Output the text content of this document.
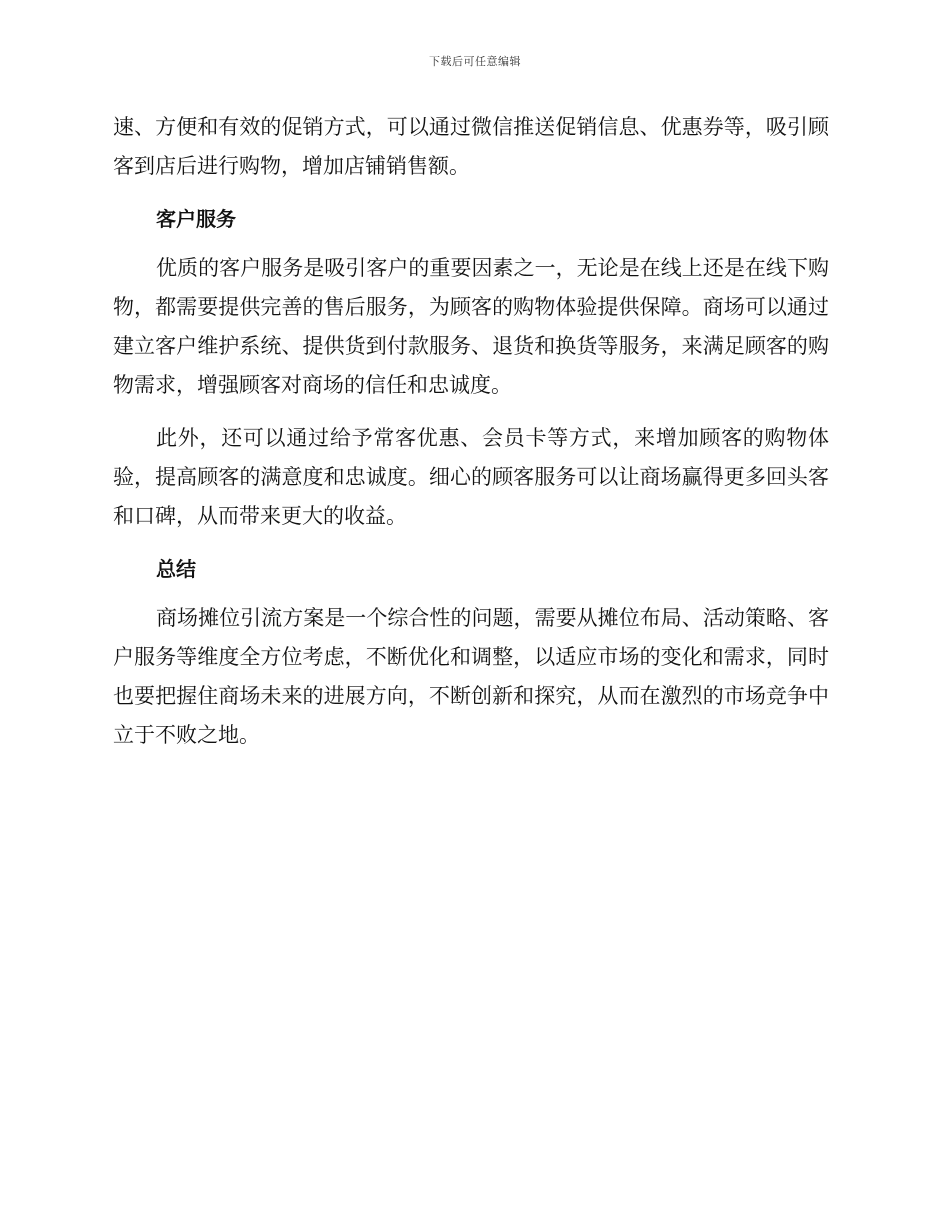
下载后可任意编辑

速、方便和有效的促销方式，可以通过微信推送促销信息、优惠券等，吸引顾客到店后进行购物，增加店铺销售额。

客户服务

优质的客户服务是吸引客户的重要因素之一，无论是在线上还是在线下购物，都需要提供完善的售后服务，为顾客的购物体验提供保障。商场可以通过建立客户维护系统、提供货到付款服务、退货和换货等服务，来满足顾客的购物需求，增强顾客对商场的信任和忠诚度。

此外，还可以通过给予常客优惠、会员卡等方式，来增加顾客的购物体验，提高顾客的满意度和忠诚度。细心的顾客服务可以让商场赢得更多回头客和口碑，从而带来更大的收益。

总结

商场摊位引流方案是一个综合性的问题，需要从摊位布局、活动策略、客户服务等维度全方位考虑，不断优化和调整，以适应市场的变化和需求，同时也要把握住商场未来的进展方向，不断创新和探究，从而在激烈的市场竞争中立于不败之地。
